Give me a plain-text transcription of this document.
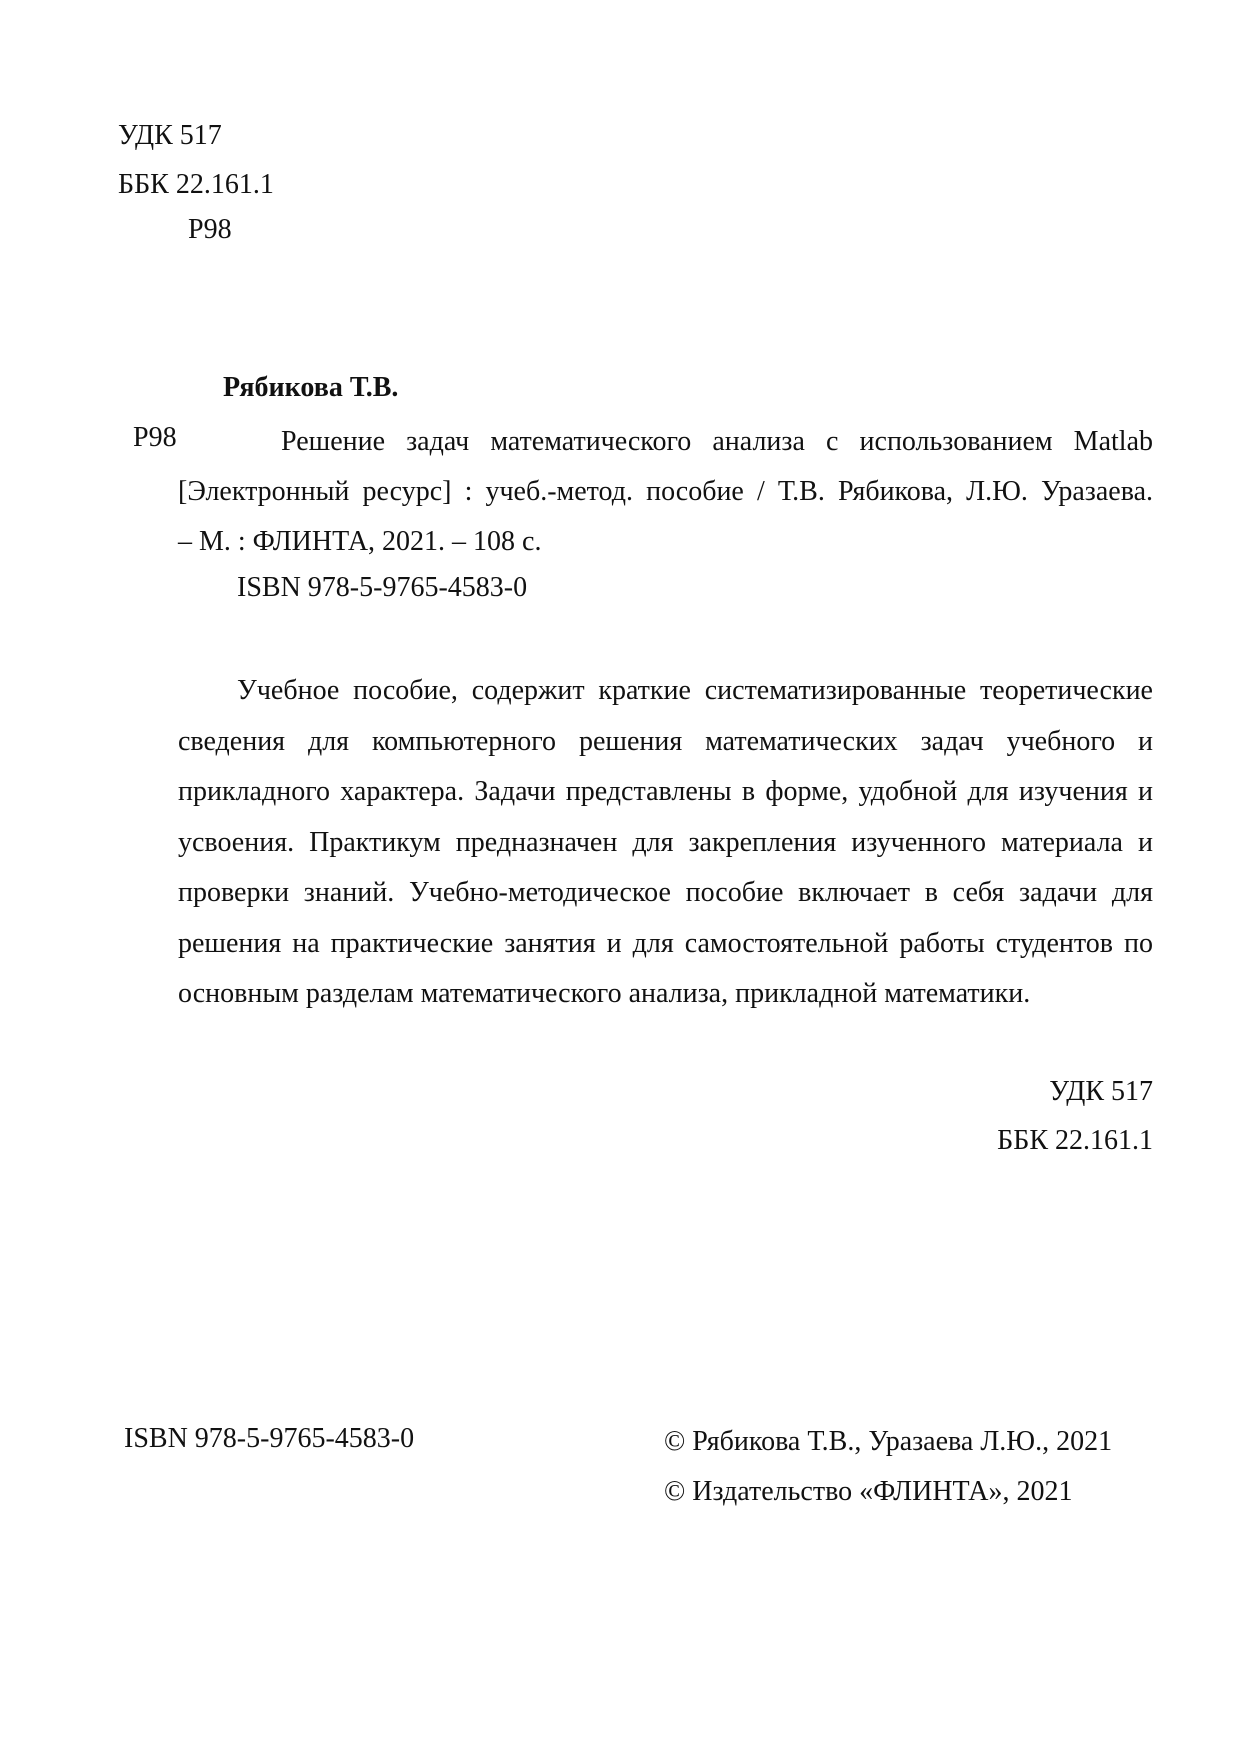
УДК 517
ББК 22.161.1
Р98
Рябикова Т.В.
Р98	Решение задач математического анализа с использованием Matlab

[Электронный ресурс] : учеб.-метод. пособие / Т.В. Рябикова, Л.Ю. Уразаева.

– М. : ФЛИНТА, 2021. – 108 с.

ISBN 978-5-9765-4583-0

Учебное пособие, содержит краткие систематизированные теоретические сведения для компьютерного решения математических задач учебного и прикладного характера. Задачи представлены в форме, удобной для изучения и усвоения. Практикум предназначен для закрепления изученного материала и проверки знаний. Учебно-методическое пособие включает в себя задачи для решения на практические занятия и для самостоятельной работы студентов по основным разделам математического анализа, прикладной математики.

УДК 517
ББК 22.161.1
ISBN 978-5-9765-4583-0	© Рябикова Т.В., Уразаева Л.Ю., 2021
© Издательство «ФЛИНТА», 2021
